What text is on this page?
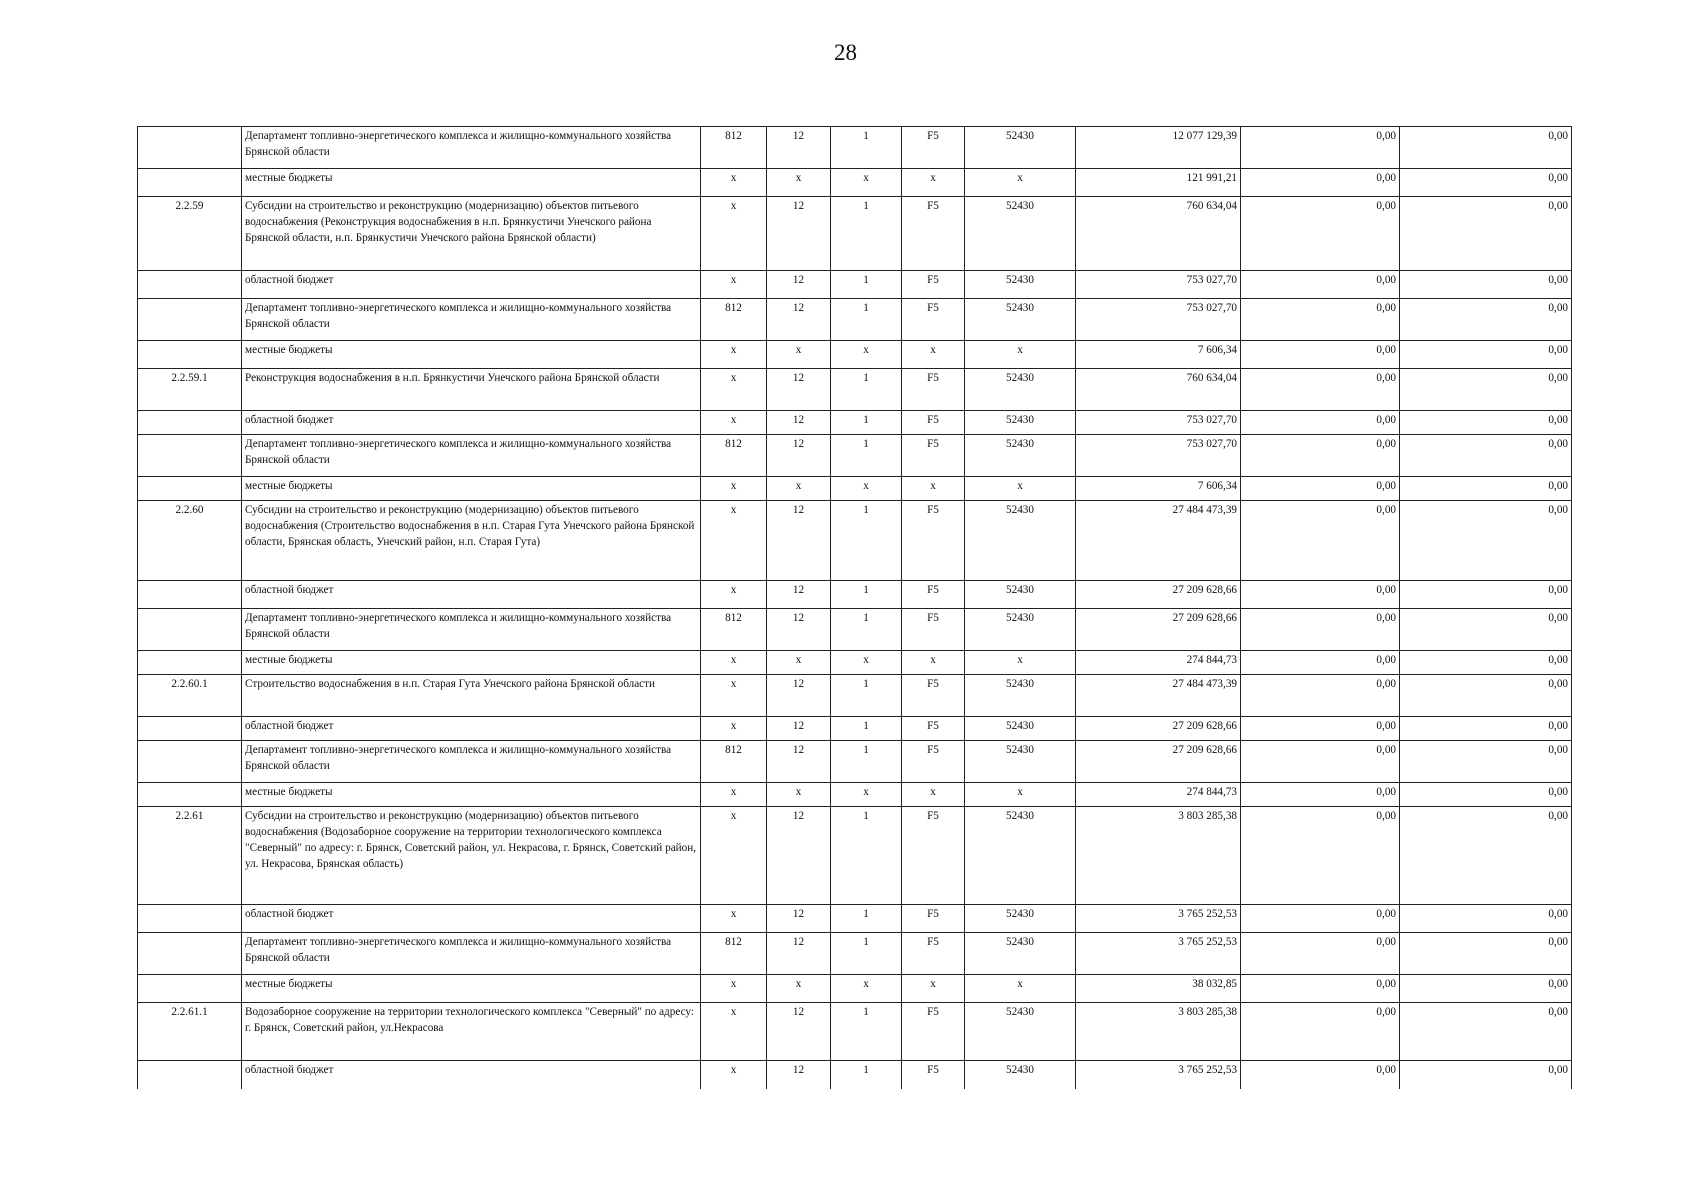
28
	Департамент топливно-энергетического комплекса и жилищно-коммунального хозяйства Брянской области	812	12	1	F5	52430	12 077 129,39	0,00	0,00
	местные бюджеты	x	x	x	x	x	121 991,21	0,00	0,00
2.2.59	Субсидии на строительство и реконструкцию (модернизацию) объектов питьевого водоснабжения (Реконструкция водоснабжения в н.п. Брянкустичи Унечского района Брянской области, н.п. Брянкустичи Унечского района Брянской области)	x	12	1	F5	52430	760 634,04	0,00	0,00
	областной бюджет	x	12	1	F5	52430	753 027,70	0,00	0,00
	Департамент топливно-энергетического комплекса и жилищно-коммунального хозяйства Брянской области	812	12	1	F5	52430	753 027,70	0,00	0,00
	местные бюджеты	x	x	x	x	x	7 606,34	0,00	0,00
2.2.59.1	Реконструкция водоснабжения в н.п. Брянкустичи Унечского района Брянской области	x	12	1	F5	52430	760 634,04	0,00	0,00
	областной бюджет	x	12	1	F5	52430	753 027,70	0,00	0,00
	Департамент топливно-энергетического комплекса и жилищно-коммунального хозяйства Брянской области	812	12	1	F5	52430	753 027,70	0,00	0,00
	местные бюджеты	x	x	x	x	x	7 606,34	0,00	0,00
2.2.60	Субсидии на строительство и реконструкцию (модернизацию) объектов питьевого водоснабжения (Строительство водоснабжения в н.п. Старая Гута Унечского района Брянской области, Брянская область, Унечский район, н.п. Старая Гута)	x	12	1	F5	52430	27 484 473,39	0,00	0,00
	областной бюджет	x	12	1	F5	52430	27 209 628,66	0,00	0,00
	Департамент топливно-энергетического комплекса и жилищно-коммунального хозяйства Брянской области	812	12	1	F5	52430	27 209 628,66	0,00	0,00
	местные бюджеты	x	x	x	x	x	274 844,73	0,00	0,00
2.2.60.1	Строительство водоснабжения в н.п. Старая Гута Унечского района Брянской области	x	12	1	F5	52430	27 484 473,39	0,00	0,00
	областной бюджет	x	12	1	F5	52430	27 209 628,66	0,00	0,00
	Департамент топливно-энергетического комплекса и жилищно-коммунального хозяйства Брянской области	812	12	1	F5	52430	27 209 628,66	0,00	0,00
	местные бюджеты	x	x	x	x	x	274 844,73	0,00	0,00
2.2.61	Субсидии на строительство и реконструкцию (модернизацию) объектов питьевого водоснабжения (Водозаборное сооружение на территории технологического комплекса "Северный" по адресу: г. Брянск, Советский район, ул. Некрасова, г. Брянск, Советский район, ул. Некрасова, Брянская область)	x	12	1	F5	52430	3 803 285,38	0,00	0,00
	областной бюджет	x	12	1	F5	52430	3 765 252,53	0,00	0,00
	Департамент топливно-энергетического комплекса и жилищно-коммунального хозяйства Брянской области	812	12	1	F5	52430	3 765 252,53	0,00	0,00
	местные бюджеты	x	x	x	x	x	38 032,85	0,00	0,00
2.2.61.1	Водозаборное сооружение на территории технологического комплекса "Северный" по адресу: г. Брянск, Советский район, ул.Некрасова	x	12	1	F5	52430	3 803 285,38	0,00	0,00
	областной бюджет	x	12	1	F5	52430	3 765 252,53	0,00	0,00
